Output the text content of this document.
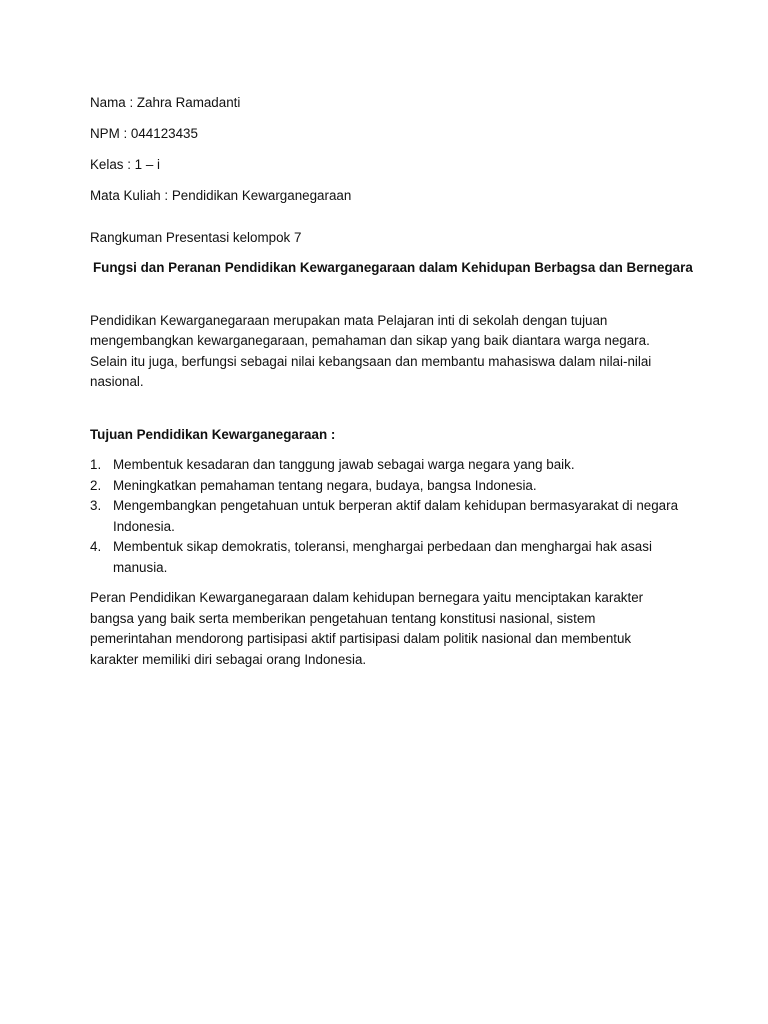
Nama : Zahra Ramadanti

NPM : 044123435

Kelas : 1 – i

Mata Kuliah : Pendidikan Kewarganegaraan

Rangkuman Presentasi kelompok 7

Fungsi dan Peranan Pendidikan Kewarganegaraan dalam Kehidupan Berbagsa dan Bernegara

Pendidikan Kewarganegaraan merupakan mata Pelajaran inti di sekolah dengan tujuan mengembangkan kewarganegaraan, pemahaman dan sikap yang baik diantara warga negara. Selain itu juga, berfungsi sebagai nilai kebangsaan dan membantu mahasiswa dalam nilai-nilai nasional.

Tujuan Pendidikan Kewarganegaraan :

1. Membentuk kesadaran dan tanggung jawab sebagai warga negara yang baik.
2. Meningkatkan pemahaman tentang negara, budaya, bangsa Indonesia.
3. Mengembangkan pengetahuan untuk berperan aktif dalam kehidupan bermasyarakat di negara Indonesia.
4. Membentuk sikap demokratis, toleransi, menghargai perbedaan dan menghargai hak asasi manusia.

Peran Pendidikan Kewarganegaraan dalam kehidupan bernegara yaitu menciptakan karakter bangsa yang baik serta memberikan pengetahuan tentang konstitusi nasional, sistem pemerintahan mendorong partisipasi aktif partisipasi dalam politik nasional dan membentuk karakter memiliki diri sebagai orang Indonesia.
